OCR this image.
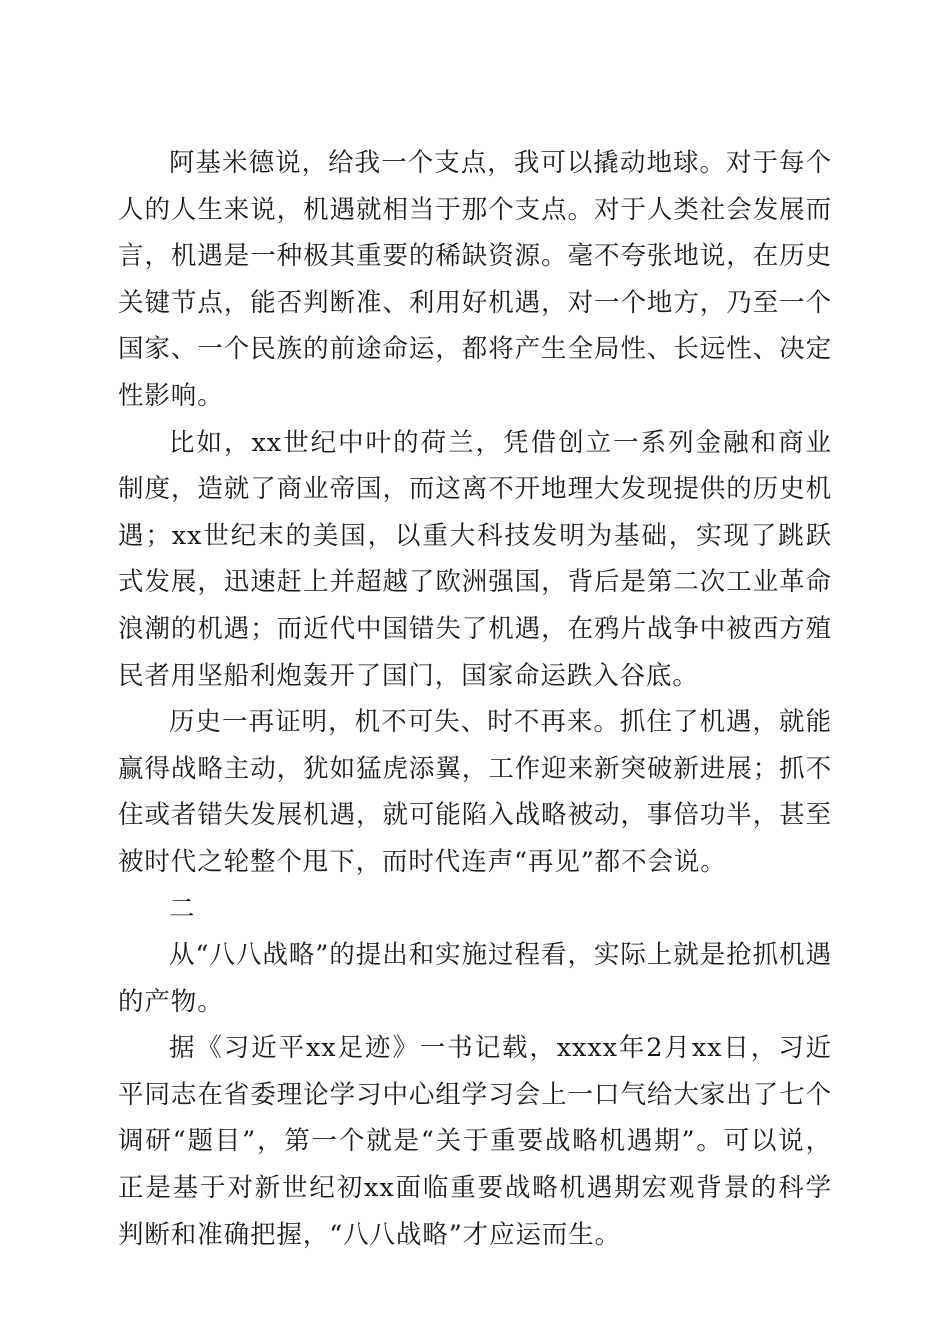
阿基米德说，给我一个支点，我可以撬动地球。对于每个人的人生来说，机遇就相当于那个支点。对于人类社会发展而言，机遇是一种极其重要的稀缺资源。毫不夸张地说，在历史关键节点，能否判断准、利用好机遇，对一个地方，乃至一个国家、一个民族的前途命运，都将产生全局性、长远性、决定性影响。

比如，xx世纪中叶的荷兰，凭借创立一系列金融和商业制度，造就了商业帝国，而这离不开地理大发现提供的历史机遇；xx世纪末的美国，以重大科技发明为基础，实现了跳跃式发展，迅速赶上并超越了欧洲强国，背后是第二次工业革命浪潮的机遇；而近代中国错失了机遇，在鸦片战争中被西方殖民者用坚船利炮轰开了国门，国家命运跌入谷底。

历史一再证明，机不可失、时不再来。抓住了机遇，就能赢得战略主动，犹如猛虎添翼，工作迎来新突破新进展；抓不住或者错失发展机遇，就可能陷入战略被动，事倍功半，甚至被时代之轮整个甩下，而时代连声“再见”都不会说。

二

从“八八战略”的提出和实施过程看，实际上就是抢抓机遇的产物。

据《习近平xx足迹》一书记载，xxxx年2月xx日，习近平同志在省委理论学习中心组学习会上一口气给大家出了七个调研“题目”，第一个就是“关于重要战略机遇期”。可以说，正是基于对新世纪初xx面临重要战略机遇期宏观背景的科学判断和准确把握，“八八战略”才应运而生。
